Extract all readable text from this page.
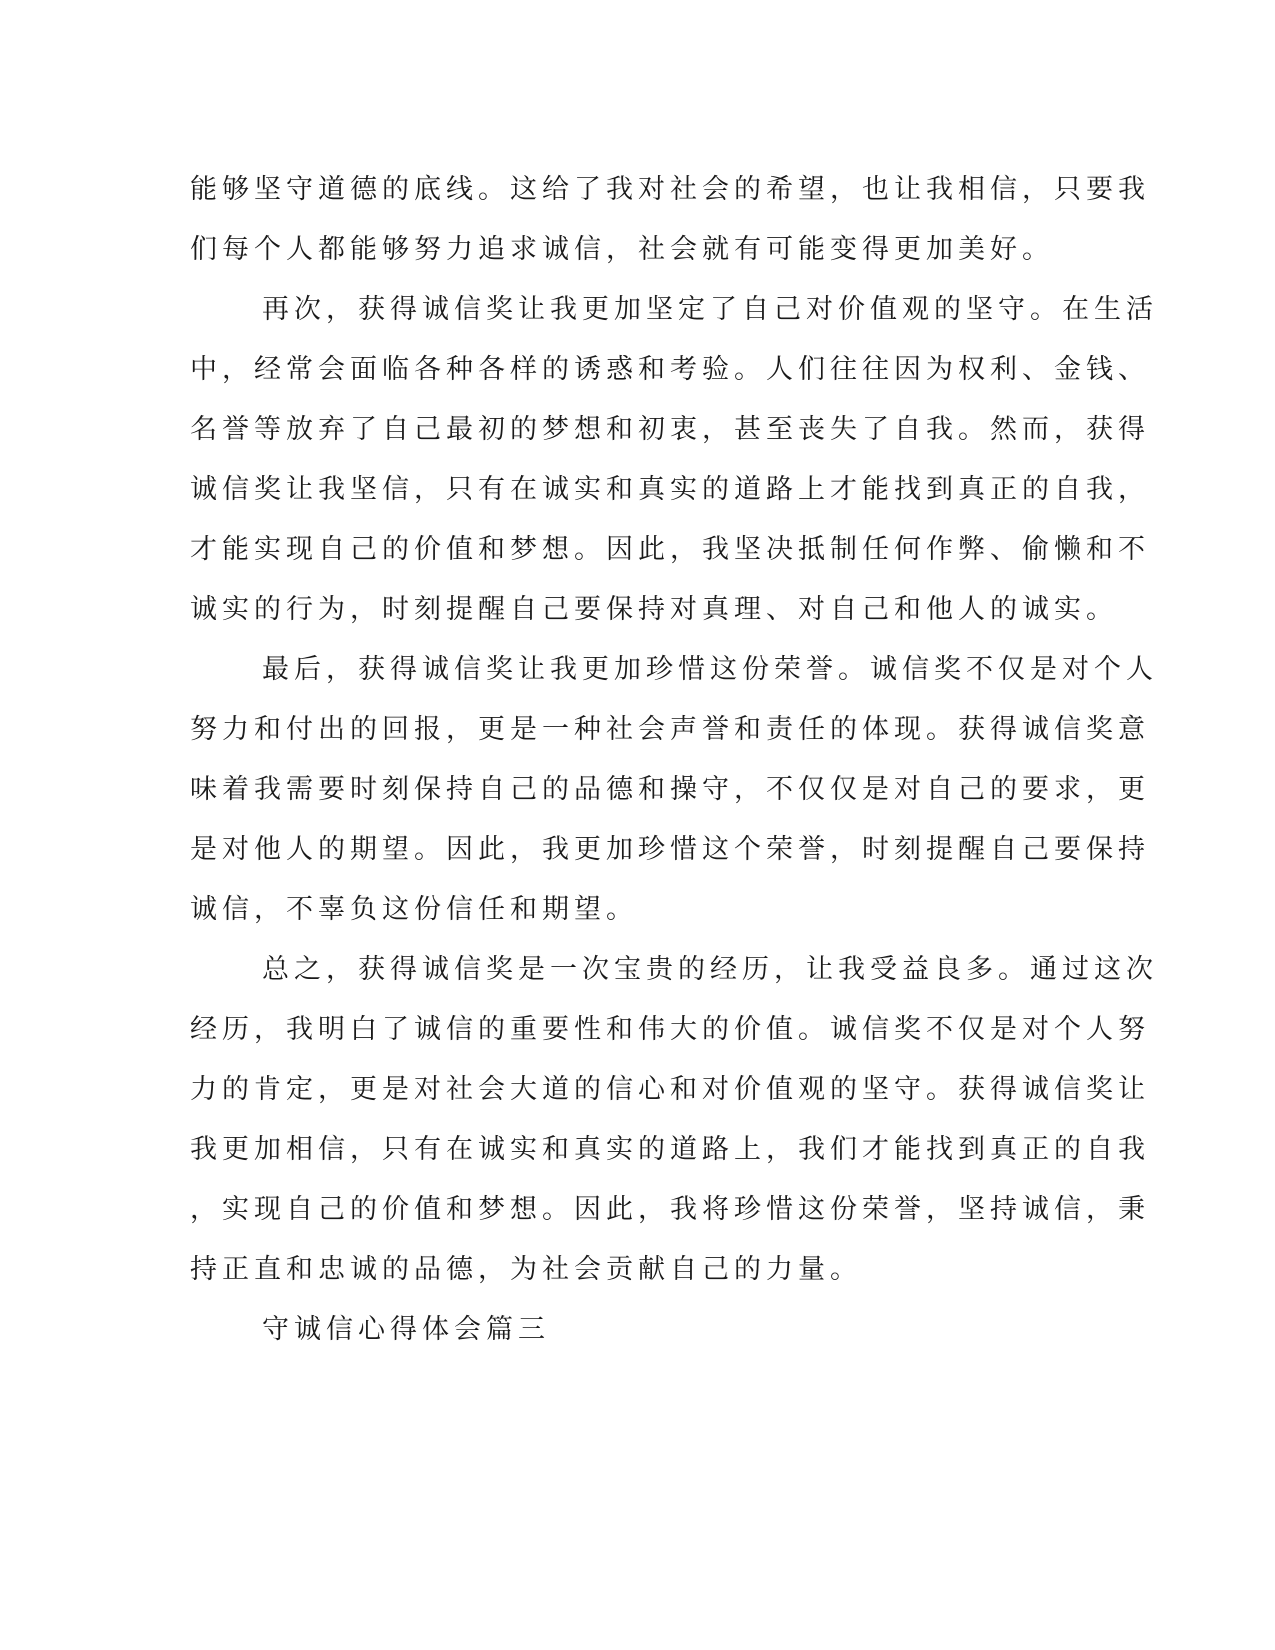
能够坚守道德的底线。这给了我对社会的希望，也让我相信，只要我
们每个人都能够努力追求诚信，社会就有可能变得更加美好。
再次，获得诚信奖让我更加坚定了自己对价值观的坚守。在生活
中，经常会面临各种各样的诱惑和考验。人们往往因为权利、金钱、
名誉等放弃了自己最初的梦想和初衷，甚至丧失了自我。然而，获得
诚信奖让我坚信，只有在诚实和真实的道路上才能找到真正的自我，
才能实现自己的价值和梦想。因此，我坚决抵制任何作弊、偷懒和不
诚实的行为，时刻提醒自己要保持对真理、对自己和他人的诚实。
最后，获得诚信奖让我更加珍惜这份荣誉。诚信奖不仅是对个人
努力和付出的回报，更是一种社会声誉和责任的体现。获得诚信奖意
味着我需要时刻保持自己的品德和操守，不仅仅是对自己的要求，更
是对他人的期望。因此，我更加珍惜这个荣誉，时刻提醒自己要保持
诚信，不辜负这份信任和期望。
总之，获得诚信奖是一次宝贵的经历，让我受益良多。通过这次
经历，我明白了诚信的重要性和伟大的价值。诚信奖不仅是对个人努
力的肯定，更是对社会大道的信心和对价值观的坚守。获得诚信奖让
我更加相信，只有在诚实和真实的道路上，我们才能找到真正的自我
，实现自己的价值和梦想。因此，我将珍惜这份荣誉，坚持诚信，秉
持正直和忠诚的品德，为社会贡献自己的力量。
守诚信心得体会篇三
